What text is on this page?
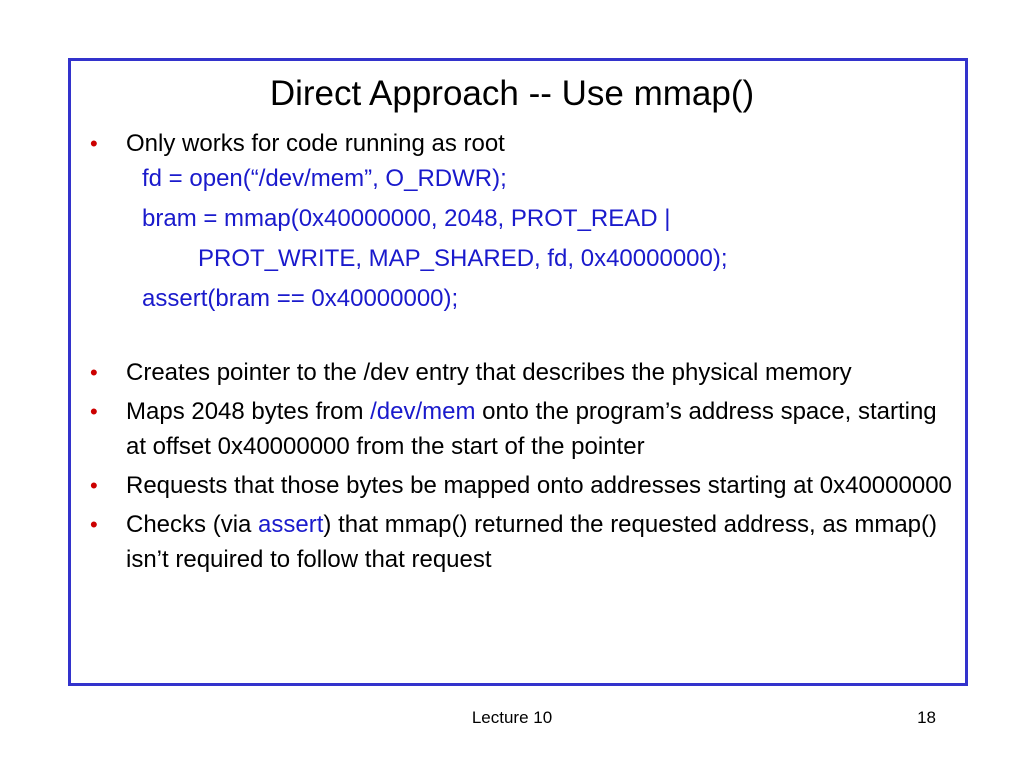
Direct Approach -- Use mmap()
• Only works for code running as root
fd = open(“/dev/mem”, O_RDWR);
bram = mmap(0x40000000, 2048, PROT_READ |
PROT_WRITE, MAP_SHARED, fd, 0x40000000);
assert(bram == 0x40000000);
• Creates pointer to the /dev entry that describes the physical memory
• Maps 2048 bytes from /dev/mem onto the program’s address space, starting at offset 0x40000000 from the start of the pointer
• Requests that those bytes be mapped onto addresses starting at 0x40000000
• Checks (via assert) that mmap() returned the requested address, as mmap() isn’t required to follow that request
Lecture 10	18
